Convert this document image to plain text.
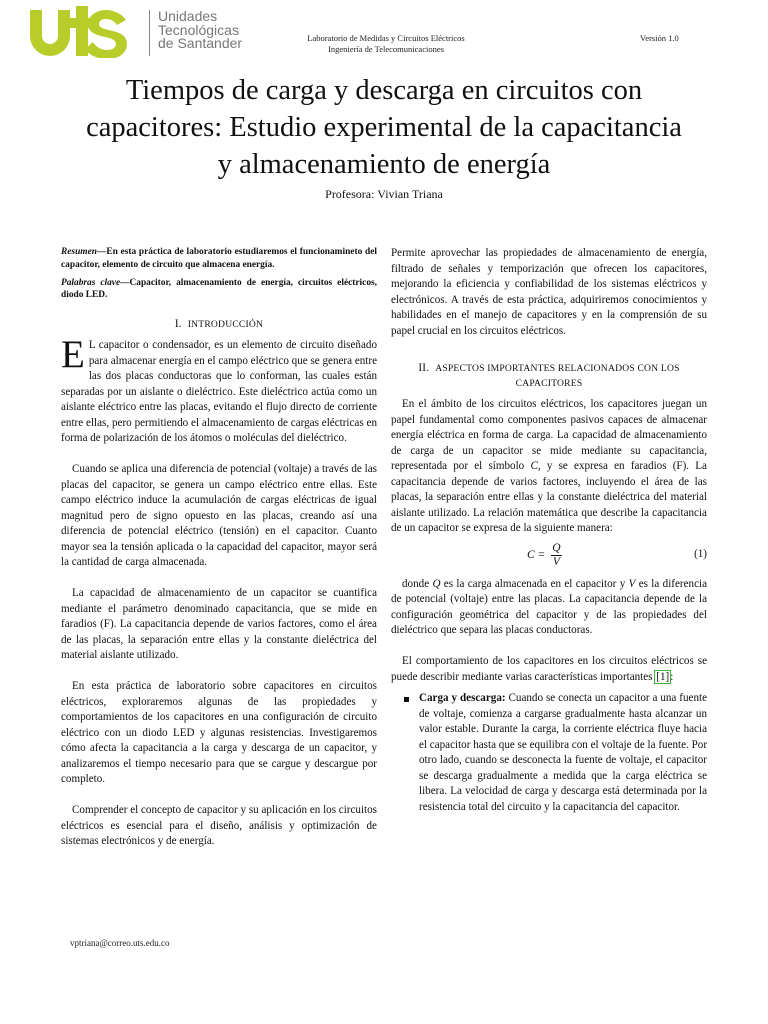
Unidades
Tecnológicas
de Santander	Laboratorio de Medidas y Circuitos Eléctricos
Ingeniería de Telecomunicaciones
Versión 1.0
Tiempos de carga y descarga en circuitos con
capacitores: Estudio experimental de la capacitancia
y almacenamiento de energía
Profesora: Vivian Triana

Resumen—En esta práctica de laboratorio estudiaremos el funcionamineto del capacitor, elemento de circuito que almacena energía.

Palabras clave—Capacitor, almacenamiento de energía, circuitos eléctricos, diodo LED.

I. INTRODUCCIÓN

E L capacitor o condensador, es un elemento de circuito diseñado para almacenar energía en el campo eléctrico que se genera entre las dos placas conductoras que lo conforman, las cuales están separadas por un aislante o dieléctrico. Este dieléctrico actúa como un aislante eléctrico entre las placas, evitando el flujo directo de corriente entre ellas, pero permitiendo el almacenamiento de cargas eléctricas en forma de polarización de los átomos o moléculas del dieléctrico.

Cuando se aplica una diferencia de potencial (voltaje) a través de las placas del capacitor, se genera un campo eléctrico entre ellas. Este campo eléctrico induce la acumulación de cargas eléctricas de igual magnitud pero de signo opuesto en las placas, creando así una diferencia de potencial eléctrico (tensión) en el capacitor. Cuanto mayor sea la tensión aplicada o la capacidad del capacitor, mayor será la cantidad de carga almacenada.

La capacidad de almacenamiento de un capacitor se cuantifica mediante el parámetro denominado capacitancia, que se mide en faradios (F). La capacitancia depende de varios factores, como el área de las placas, la separación entre ellas y la constante dieléctrica del material aislante utilizado.

En esta práctica de laboratorio sobre capacitores en circuitos eléctricos, exploraremos algunas de las propiedades y comportamientos de los capacitores en una configuración de circuito eléctrico con un diodo LED y algunas resistencias. Investigaremos cómo afecta la capacitancia a la carga y descarga de un capacitor, y analizaremos el tiempo necesario para que se cargue y descargue por completo.

Comprender el concepto de capacitor y su aplicación en los circuitos eléctricos es esencial para el diseño, análisis y optimización de sistemas electrónicos y de energía.

vptriana@correo.uts.edu.co

Permite aprovechar las propiedades de almacenamiento de energía, filtrado de señales y temporización que ofrecen los capacitores, mejorando la eficiencia y confiabilidad de los sistemas eléctricos y electrónicos. A través de esta práctica, adquiriremos conocimientos y habilidades en el manejo de capacitores y en la comprensión de su papel crucial en los circuitos eléctricos.

II. ASPECTOS IMPORTANTES RELACIONADOS CON LOS
CAPACITORES

En el ámbito de los circuitos eléctricos, los capacitores juegan un papel fundamental como componentes pasivos capaces de almacenar energía eléctrica en forma de carga. La capacidad de almacenamiento de carga de un capacitor se mide mediante su capacitancia, representada por el símbolo C, y se expresa en faradios (F). La capacitancia depende de varios factores, incluyendo el área de las placas, la separación entre ellas y la constante dieléctrica del material aislante utilizado. La relación matemática que describe la capacitancia de un capacitor se expresa de la siguiente manera:

$C = \frac{Q}{V}$	(1)

donde Q es la carga almacenada en el capacitor y V es la diferencia de potencial (voltaje) entre las placas. La capacitancia depende de la configuración geométrica del capacitor y de las propiedades del dieléctrico que separa las placas conductoras.

El comportamiento de los capacitores en los circuitos eléctricos se puede describir mediante varias características importantes [1]:

Carga y descarga: Cuando se conecta un capacitor a una fuente de voltaje, comienza a cargarse gradualmente hasta alcanzar un valor estable. Durante la carga, la corriente eléctrica fluye hacia el capacitor hasta que se equilibra con el voltaje de la fuente. Por otro lado, cuando se desconecta la fuente de voltaje, el capacitor se descarga gradualmente a medida que la carga eléctrica se libera. La velocidad de carga y descarga está determinada por la resistencia total del circuito y la capacitancia del capacitor.
